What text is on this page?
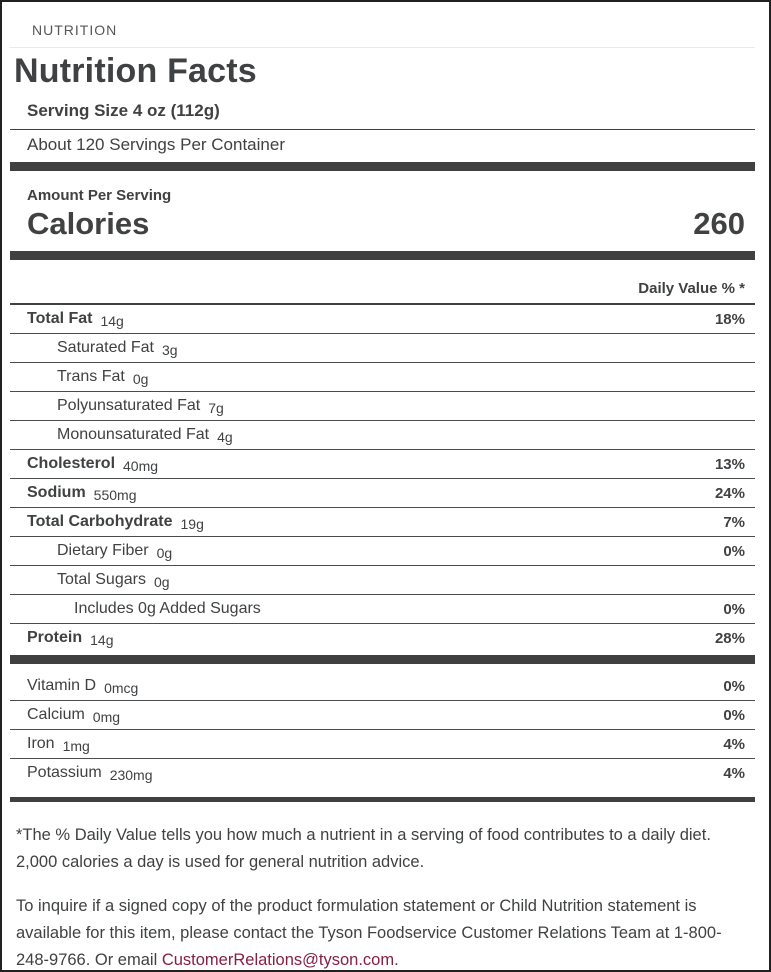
NUTRITION
Nutrition Facts
Serving Size 4 oz (112g)
About 120 Servings Per Container
Amount Per Serving
Calories	260
Daily Value % *
Total Fat 14g	18%
Saturated Fat 3g
Trans Fat 0g
Polyunsaturated Fat 7g
Monounsaturated Fat 4g
Cholesterol 40mg	13%
Sodium 550mg	24%
Total Carbohydrate 19g	7%
Dietary Fiber 0g	0%
Total Sugars 0g
Includes 0g Added Sugars	0%
Protein 14g	28%
Vitamin D 0mcg	0%
Calcium 0mg	0%
Iron 1mg	4%
Potassium 230mg	4%

*The % Daily Value tells you how much a nutrient in a serving of food contributes to a daily diet. 2,000 calories a day is used for general nutrition advice.

To inquire if a signed copy of the product formulation statement or Child Nutrition statement is available for this item, please contact the Tyson Foodservice Customer Relations Team at 1-800-248-9766. Or email CustomerRelations@tyson.com.
